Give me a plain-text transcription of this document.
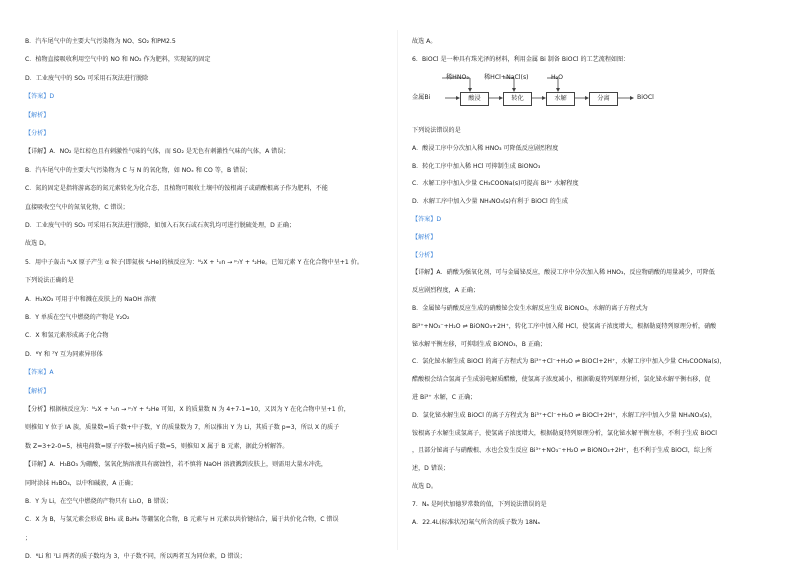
B．汽车尾气中的主要大气污染物为 NO、SO₂ 和PM2.5
C．植物直接吸收利用空气中的 NO 和 NO₂ 作为肥料，实现氮的固定
D．工业废气中的 SO₂ 可采用石灰法进行脱除
【答案】D
【解析】
【分析】
【详解】A．NO₂ 是红棕色且有刺激性气味的气体，而 SO₂ 是无色有刺激性气味的气体，A 错误；
B．汽车尾气中的主要大气污染物为 C 与 N 的氧化物，如 NOₓ 和 CO 等，B 错误；
C．氮的固定是指将游离态的氮元素转化为化合态，且植物可吸收土壤中的铵根离子或硝酸根离子作为肥料，不能
直接吸收空气中的氮氧化物，C 错误；
D．工业废气中的 SO₂ 可采用石灰法进行脱除，如加入石灰石或石灰乳均可进行脱硫处理，D 正确；
故选 D。
5．用中子轰击 ᴺ₂X 原子产生 α 粒子(即氦核 ⁴₂He)的核反应为：ᴺ₂X + ¹₀n → ᵖ₇Y + ⁴₂He。已知元素 Y 在化合物中呈+1 价。
下列说法正确的是
A．H₃XO₃ 可用于中和溅在皮肤上的 NaOH 溶液
B．Y 单质在空气中燃烧的产物是 Y₂O₂
C．X 和氢元素形成离子化合物
D．⁶Y 和 ⁷Y 互为同素异形体
【答案】A
【解析】
【分析】根据核反应为：ᴺ₂X + ¹₀n → ᵖ₇Y + ⁴₂He 可知，X 的质量数 N 为 4+7-1=10，又因为 Y 在化合物中呈+1 价，
则推知 Y 位于 IA 族，质量数=质子数+中子数，Y 的质量数为 7，所以推出 Y 为 Li，其质子数 p=3，所以 X 的质子
数 Z=3+2-0=5，核电荷数=原子序数=核内质子数=5，则推知 X 属于 B 元素，据此分析解答。
【详解】A．H₃BO₃ 为硼酸，氢氧化钠溶液具有腐蚀性，若不慎将 NaOH 溶液溅到皮肤上，则需用大量水冲洗，
同时涂抹 H₃BO₃，以中和碱液，A 正确；
B．Y 为 Li，在空气中燃烧的产物只有 Li₂O，B 错误；
C．X 为 B，与氢元素会形成 BH₃ 或 B₂H₆ 等硼氢化合物，B 元素与 H 元素以共价键结合，属于共价化合物，C 错误
；
D．⁶Li 和 ⁷Li 两者的质子数均为 3，中子数不同，所以两者互为同位素，D 错误；
稀HNO₃ 稀HCl+NaCl(s)	H₂O
金属Bi	酸浸	转化	水解	分离	BiOCl
故选 A。
6．BiOCl 是一种具有珠光泽的材料，利用金属 Bi 制备 BiOCl 的工艺流程如图：
下列说法错误的是
A．酸浸工序中分次加入稀 HNO₃ 可降低反应剧烈程度
B．转化工序中加入稀 HCl 可抑制生成 BiONO₃
C．水解工序中加入少量 CH₃COONa(s)可提高 Bi³⁺ 水解程度
D．水解工序中加入少量 NH₄NO₃(s)有利于 BiOCl 的生成
【答案】D
【解析】
【分析】
【详解】A．硝酸为强氧化剂，可与金属铋反应，酸浸工序中分次加入稀 HNO₃，反应物硝酸的用量减少，可降低
反应剧烈程度，A 正确；
B．金属铋与硝酸反应生成的硝酸铋会发生水解反应生成 BiONO₃，水解的离子方程式为
Bi³⁺+NO₃⁻+H₂O ⇌ BiONO₃+2H⁺，转化工序中加入稀 HCl，使氢离子浓度增大，根据勒夏特列原理分析，硝酸
铋水解平衡左移，可抑制生成 BiONO₃，B 正确；
C．氯化铋水解生成 BiOCl 的离子方程式为 Bi³⁺+Cl⁻+H₂O ⇌ BiOCl+2H⁺，水解工序中加入少量 CH₃COONa(s)，
醋酸根会结合氢离子生成弱电解质醋酸，使氢离子浓度减小，根据勒夏特列原理分析，氯化铋水解平衡右移，促
进 Bi³⁺ 水解，C 正确；
D．氯化铋水解生成 BiOCl 的离子方程式为 Bi³⁺+Cl⁻+H₂O ⇌ BiOCl+2H⁺，水解工序中加入少量 NH₄NO₃(s)，
铵根离子水解生成氢离子，使氢离子浓度增大，根据勒夏特列原理分析，氯化铋水解平衡左移，不利于生成 BiOCl
，且部分铋离子与硝酸根、水也会发生反应 Bi³⁺+NO₃⁻+H₂O ⇌ BiONO₃+2H⁺，也不利于生成 BiOCl，综上所
述，D 错误；
故选 D。
7．Nₐ 是阿伏加德罗常数的值，下列说法错误的是
A．22.4L(标准状况)氟气所含的质子数为 18Nₐ
